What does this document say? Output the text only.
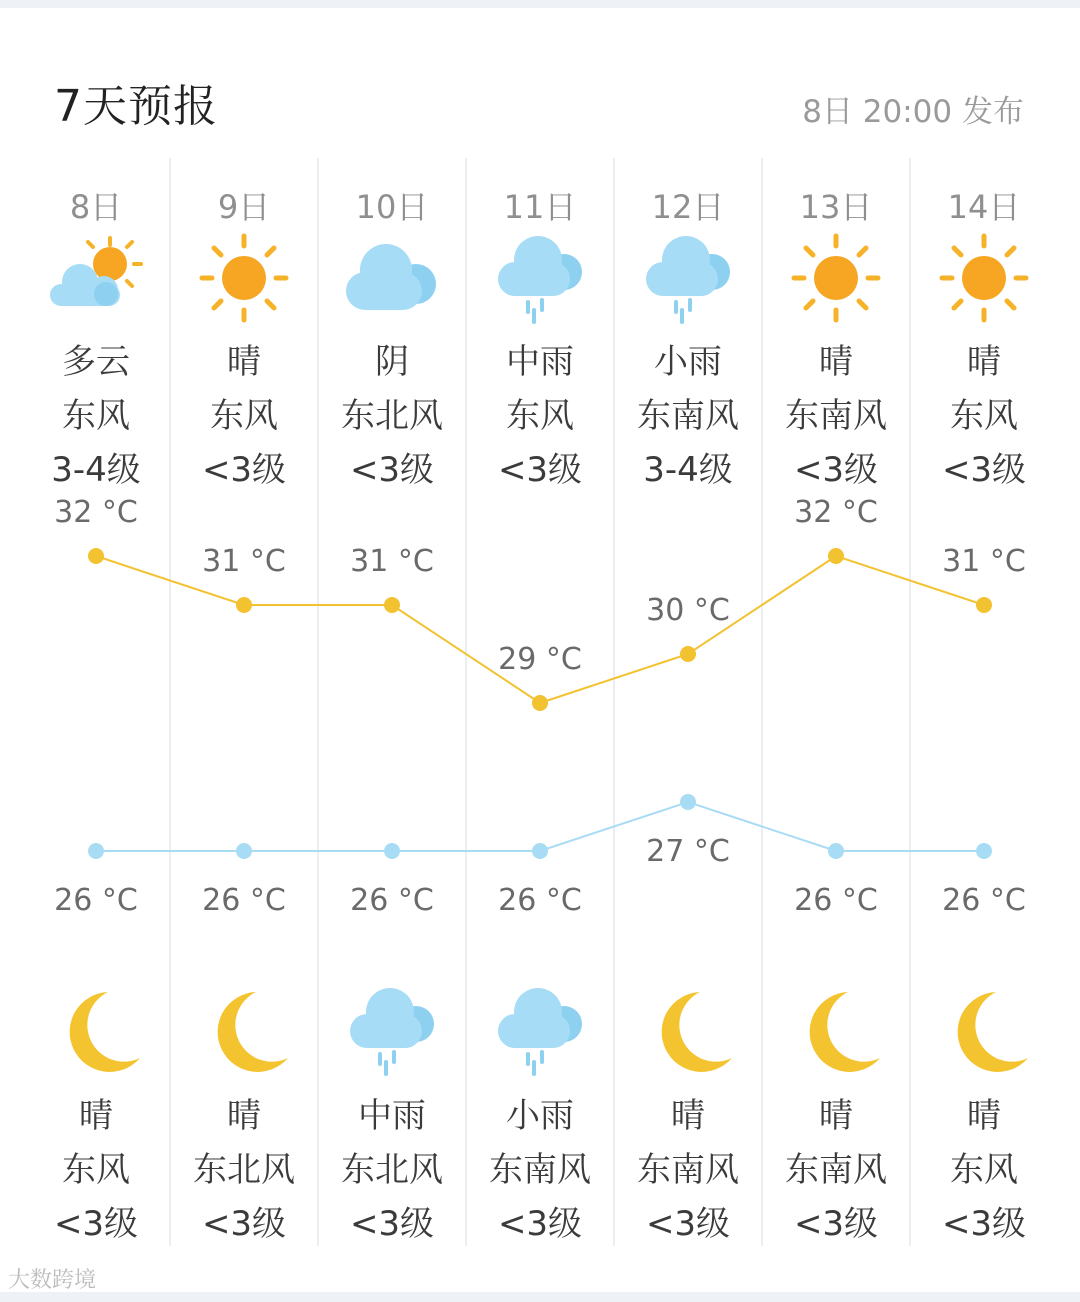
7天预报	8日 20:00 发布
8日
多云
东风
3-4级
晴
东风
<3级
9日
晴
东风
<3级
晴
东北风
<3级
10日
阴
东北风
<3级
中雨
东北风
<3级
11日
中雨
东风
<3级
小雨
东南风
<3级
12日
小雨
东南风
3-4级
晴
东南风
<3级
13日
晴
东南风
<3级
晴
东南风
<3级
14日
晴
东风
<3级
晴
东风
<3级
32 °C
26 °C
31 °C
26 °C
31 °C
26 °C
29 °C
26 °C
30 °C
27 °C
32 °C
26 °C
31 °C
26 °C
大数跨境
